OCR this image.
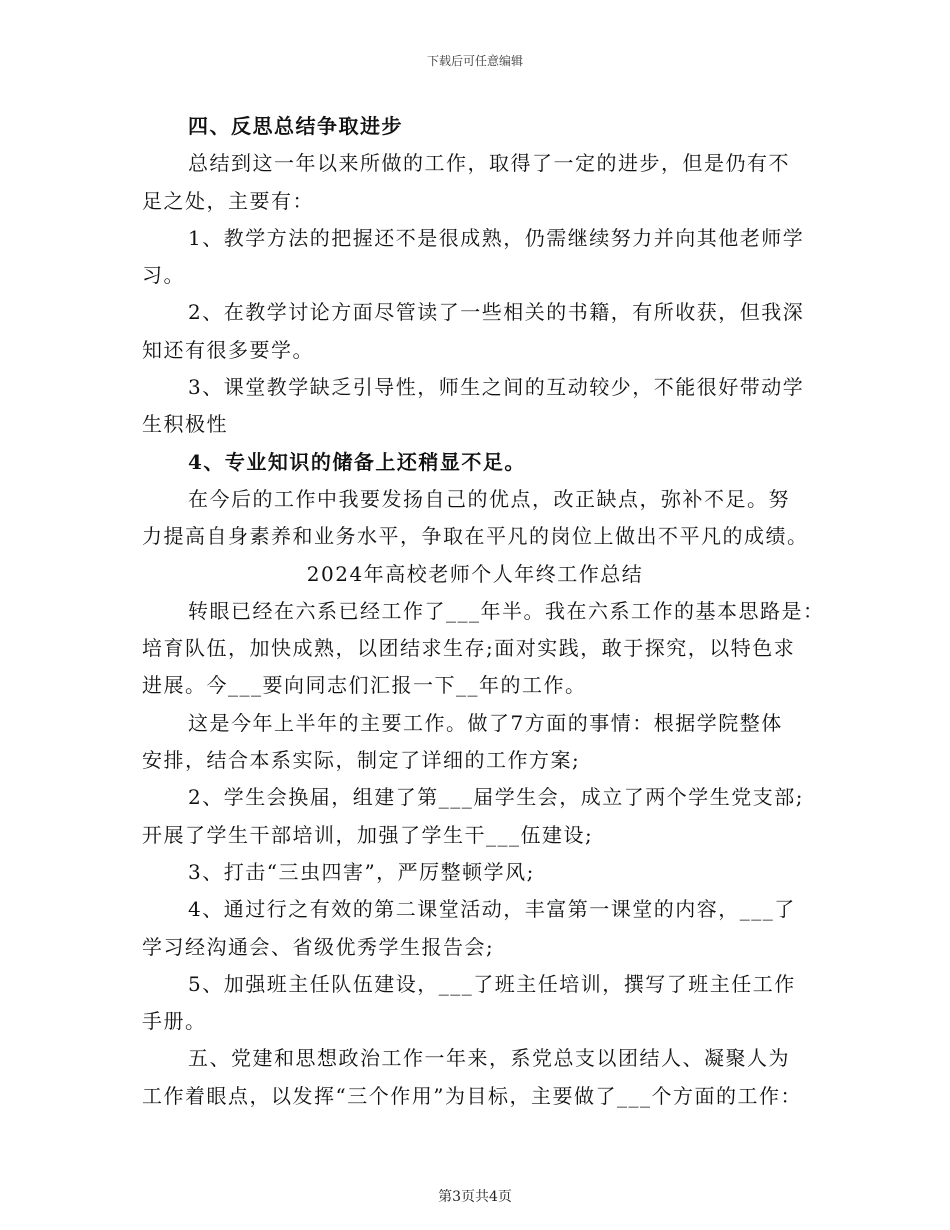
下载后可任意编辑
四、反思总结争取进步
总结到这一年以来所做的工作，取得了一定的进步，但是仍有不
足之处，主要有：
1、教学方法的把握还不是很成熟，仍需继续努力并向其他老师学
习。
2、在教学讨论方面尽管读了一些相关的书籍，有所收获，但我深
知还有很多要学。
3、课堂教学缺乏引导性，师生之间的互动较少，不能很好带动学
生积极性
4、专业知识的储备上还稍显不足。
在今后的工作中我要发扬自己的优点，改正缺点，弥补不足。努
力提高自身素养和业务水平，争取在平凡的岗位上做出不平凡的成绩。
2024年高校老师个人年终工作总结
转眼已经在六系已经工作了___年半。我在六系工作的基本思路是：
培育队伍，加快成熟，以团结求生存;面对实践，敢于探究，以特色求
进展。今___要向同志们汇报一下__年的工作。
这是今年上半年的主要工作。做了7方面的事情：根据学院整体
安排，结合本系实际，制定了详细的工作方案;
2、学生会换届，组建了第___届学生会，成立了两个学生党支部;
开展了学生干部培训，加强了学生干___伍建设;
3、打击“三虫四害”，严厉整顿学风;
4、通过行之有效的第二课堂活动，丰富第一课堂的内容，___了
学习经沟通会、省级优秀学生报告会;
5、加强班主任队伍建设，___了班主任培训，撰写了班主任工作
手册。
五、党建和思想政治工作一年来，系党总支以团结人、凝聚人为
工作着眼点，以发挥“三个作用”为目标，主要做了___个方面的工作：
第3页共4页
